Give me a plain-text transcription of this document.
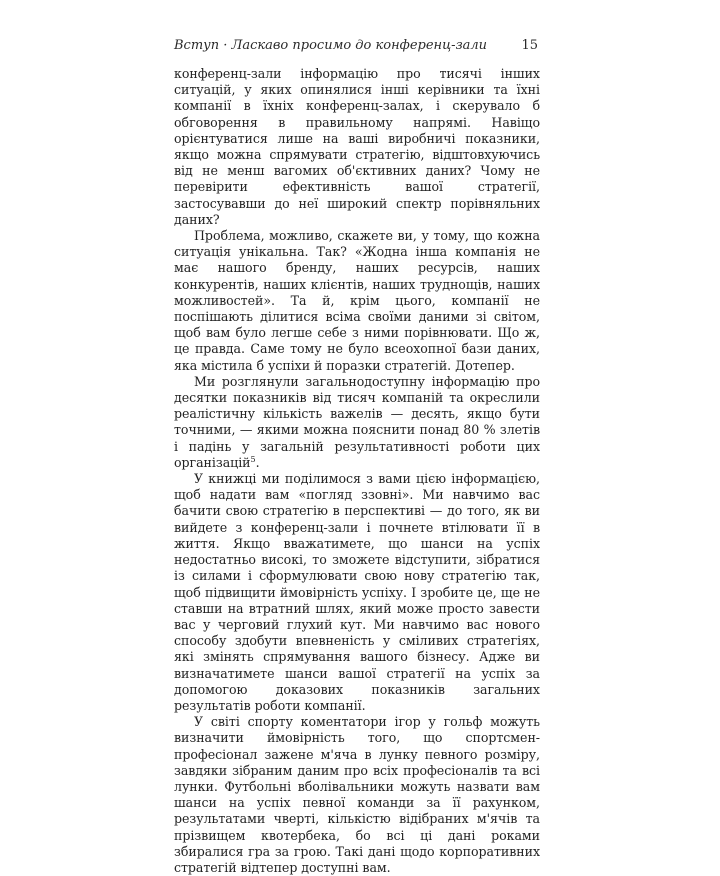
Вступ · Ласкаво просимо до конференц-зали	15

конференц-зали інформацію про тисячі інших ситуацій, у яких опинялися інші керівники та їхні компанії в їхніх конференц-залах, і скерувало б обговорення в правильному напрямі. Навіщо орієнтуватися лише на ваші виробничі показники, якщо можна спрямувати стратегію, відштовхуючись від не менш вагомих об'єктивних даних? Чому не перевірити ефективність вашої стратегії, застосувавши до неї широкий спектр порівняльних даних?

Проблема, можливо, скажете ви, у тому, що кожна ситуація унікальна. Так? «Жодна інша компанія не має нашого бренду, наших ресурсів, наших конкурентів, наших клієнтів, наших труднощів, наших можливостей». Та й, крім цього, компанії не поспішають ділитися всіма своїми даними зі світом, щоб вам було легше себе з ними порівнювати. Що ж, це правда. Саме тому не було всеохопної бази даних, яка містила б успіхи й поразки стратегій. Дотепер.

Ми розглянули загальнодоступну інформацію про десятки показників від тисяч компаній та окреслили реалістичну кількість важелів — десять, якщо бути точними, — якими можна пояснити понад 80 % злетів і падінь у загальній результативності роботи цих організацій$^5$.

У книжці ми поділимося з вами цією інформацією, щоб надати вам «погляд ззовні». Ми навчимо вас бачити свою стратегію в перспективі — до того, як ви вийдете з конференц-зали і почнете втілювати її в життя. Якщо вважатимете, що шанси на успіх недостатньо високі, то зможете відступити, зібратися із силами і сформулювати свою нову стратегію так, щоб підвищити ймовірність успіху. І зробите це, ще не ставши на втратний шлях, який може просто завести вас у черговий глухий кут. Ми навчимо вас нового способу здобути впевненість у сміливих стратегіях, які змінять спрямування вашого бізнесу. Адже ви визначатимете шанси вашої стратегії на успіх за допомогою доказових показників загальних результатів роботи компанії.

У світі спорту коментатори ігор у гольф можуть визначити ймовірність того, що спортсмен-професіонал зажене м'яча в лунку певного розміру, завдяки зібраним даним про всіх професіоналів та всі лунки. Футбольні вболівальники можуть назвати вам шанси на успіх певної команди за її рахунком, результатами чверті, кількістю відібраних м'ячів та прізвищем квотербека, бо всі ці дані роками збиралися гра за грою. Такі дані щодо корпоративних стратегій відтепер доступні вам.
